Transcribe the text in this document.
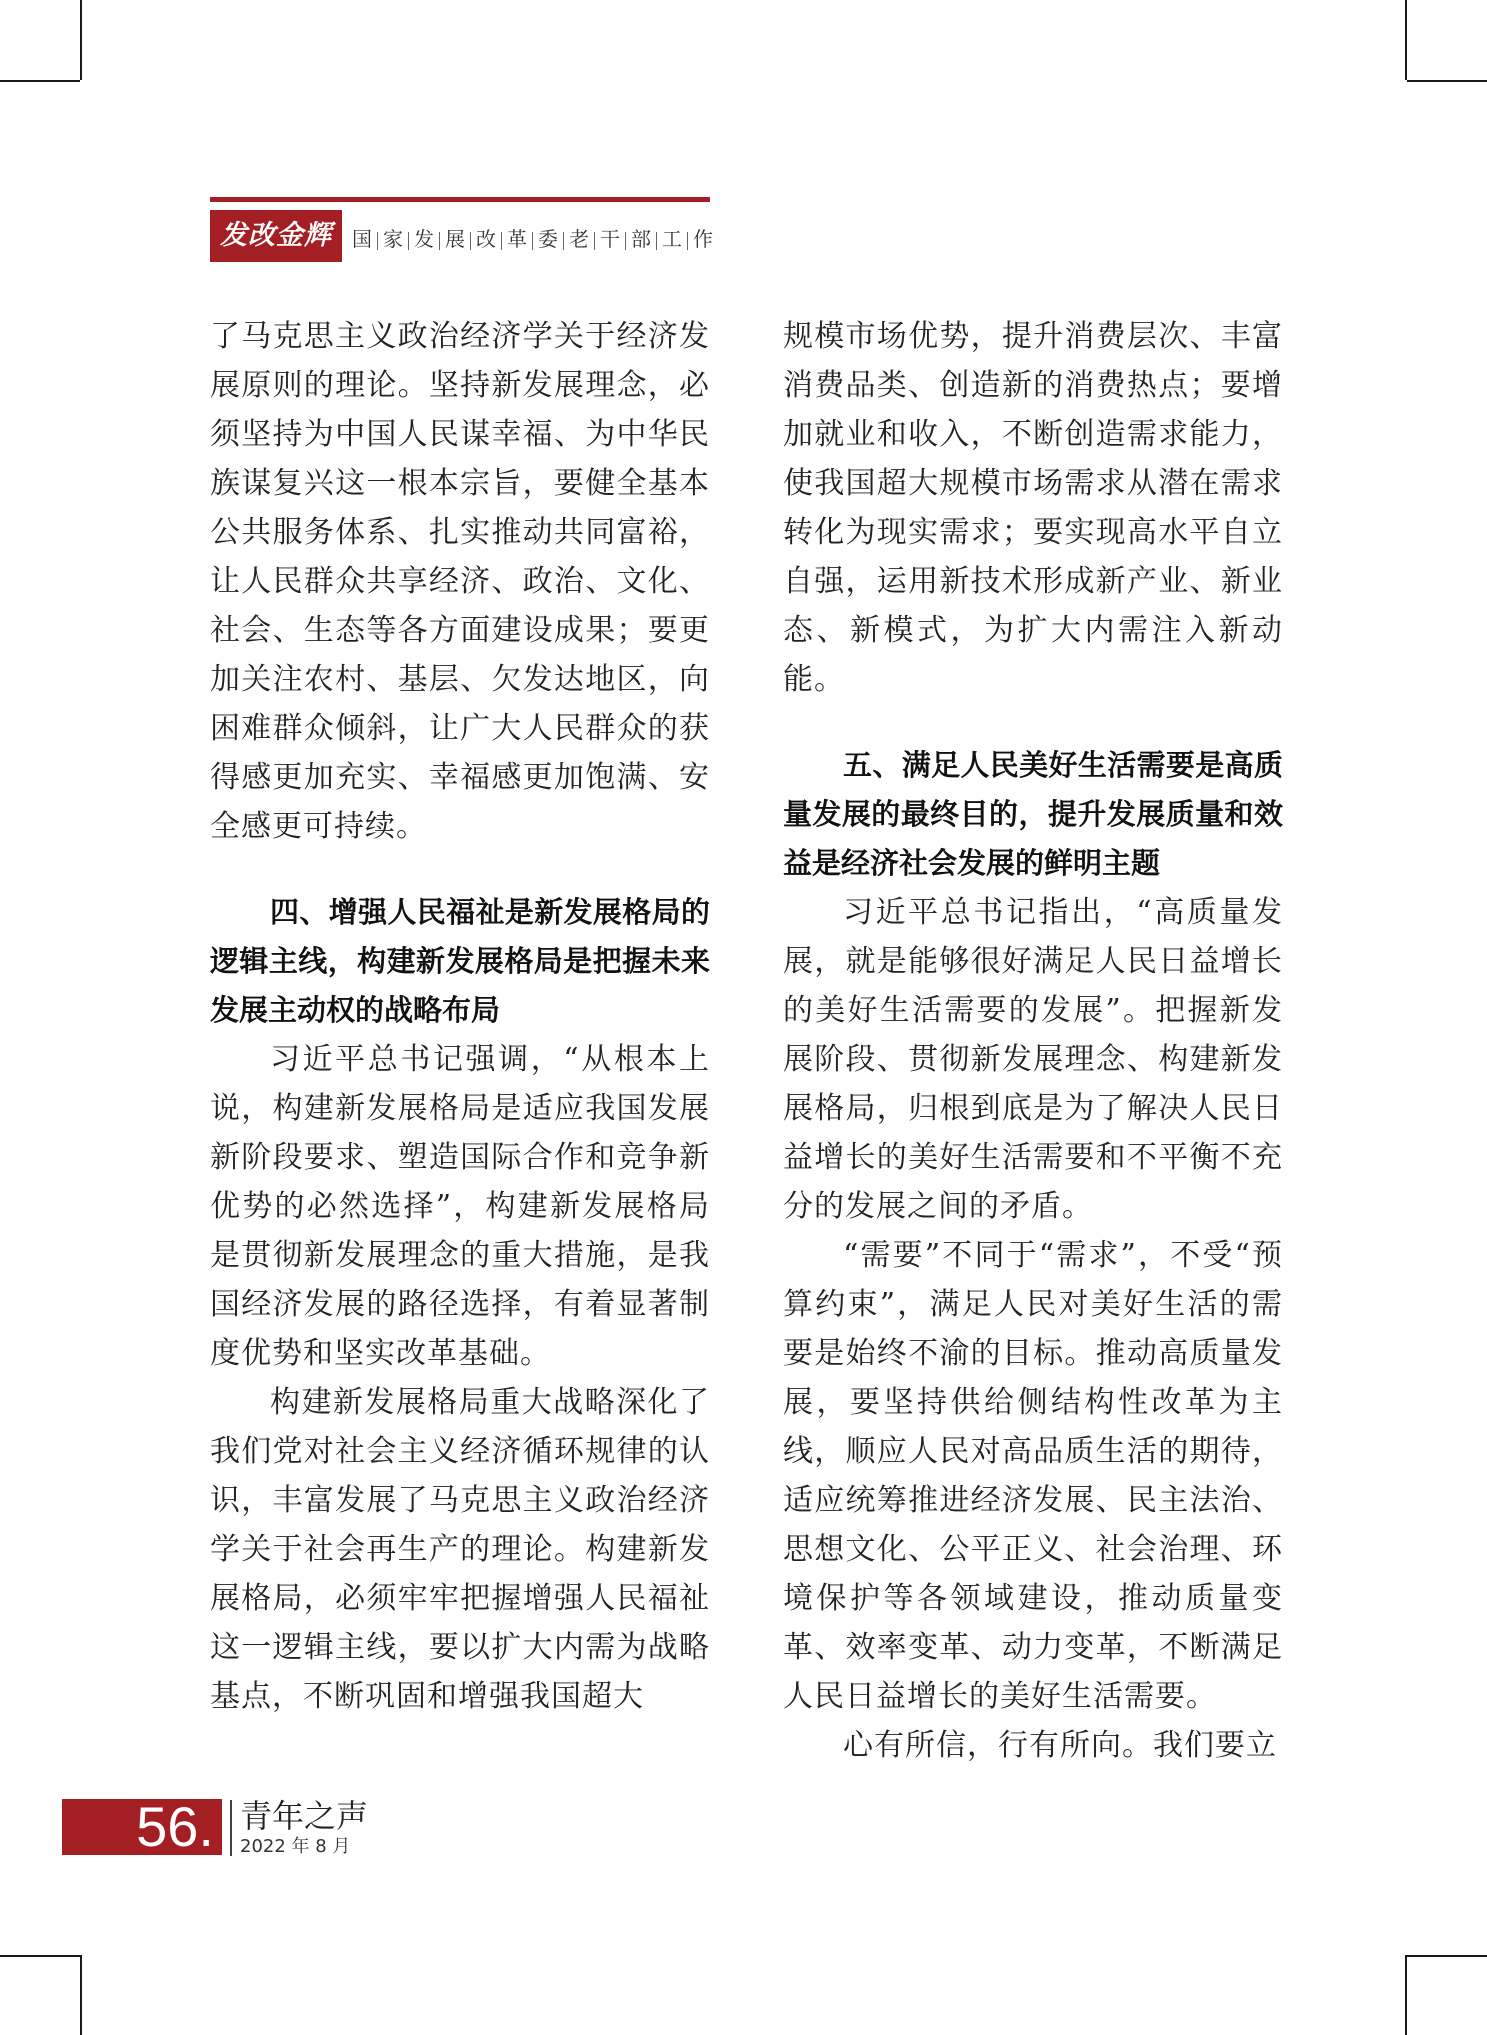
发改金辉	国 家 发 展 改 革 委 老 干 部 工 作

了马克思主义政治经济学关于经济发展原则的理论。坚持新发展理念，必须坚持为中国人民谋幸福、为中华民族谋复兴这一根本宗旨，要健全基本公共服务体系、扎实推动共同富裕，让人民群众共享经济、政治、文化、社会、生态等各方面建设成果；要更加关注农村、基层、欠发达地区，向困难群众倾斜，让广大人民群众的获得感更加充实、幸福感更加饱满、安全感更可持续。

四、增强人民福祉是新发展格局的逻辑主线，构建新发展格局是把握未来发展主动权的战略布局

习近平总书记强调，“从根本上说，构建新发展格局是适应我国发展新阶段要求、塑造国际合作和竞争新优势的必然选择”，构建新发展格局是贯彻新发展理念的重大措施，是我国经济发展的路径选择，有着显著制度优势和坚实改革基础。

构建新发展格局重大战略深化了我们党对社会主义经济循环规律的认识，丰富发展了马克思主义政治经济学关于社会再生产的理论。构建新发展格局，必须牢牢把握增强人民福祉这一逻辑主线，要以扩大内需为战略基点，不断巩固和增强我国超大

规模市场优势，提升消费层次、丰富消费品类、创造新的消费热点；要增加就业和收入，不断创造需求能力，使我国超大规模市场需求从潜在需求转化为现实需求；要实现高水平自立自强，运用新技术形成新产业、新业态、新模式，为扩大内需注入新动能。

五、满足人民美好生活需要是高质量发展的最终目的，提升发展质量和效益是经济社会发展的鲜明主题

习近平总书记指出，“高质量发展，就是能够很好满足人民日益增长的美好生活需要的发展”。把握新发展阶段、贯彻新发展理念、构建新发展格局，归根到底是为了解决人民日益增长的美好生活需要和不平衡不充分的发展之间的矛盾。

“需要”不同于“需求”，不受“预算约束”，满足人民对美好生活的需要是始终不渝的目标。推动高质量发展，要坚持供给侧结构性改革为主线，顺应人民对高品质生活的期待，适应统筹推进经济发展、民主法治、思想文化、公平正义、社会治理、环境保护等各领域建设，推动质量变革、效率变革、动力变革，不断满足人民日益增长的美好生活需要。

心有所信，行有所向。我们要立

56. 青年之声
2022 年 8 月
